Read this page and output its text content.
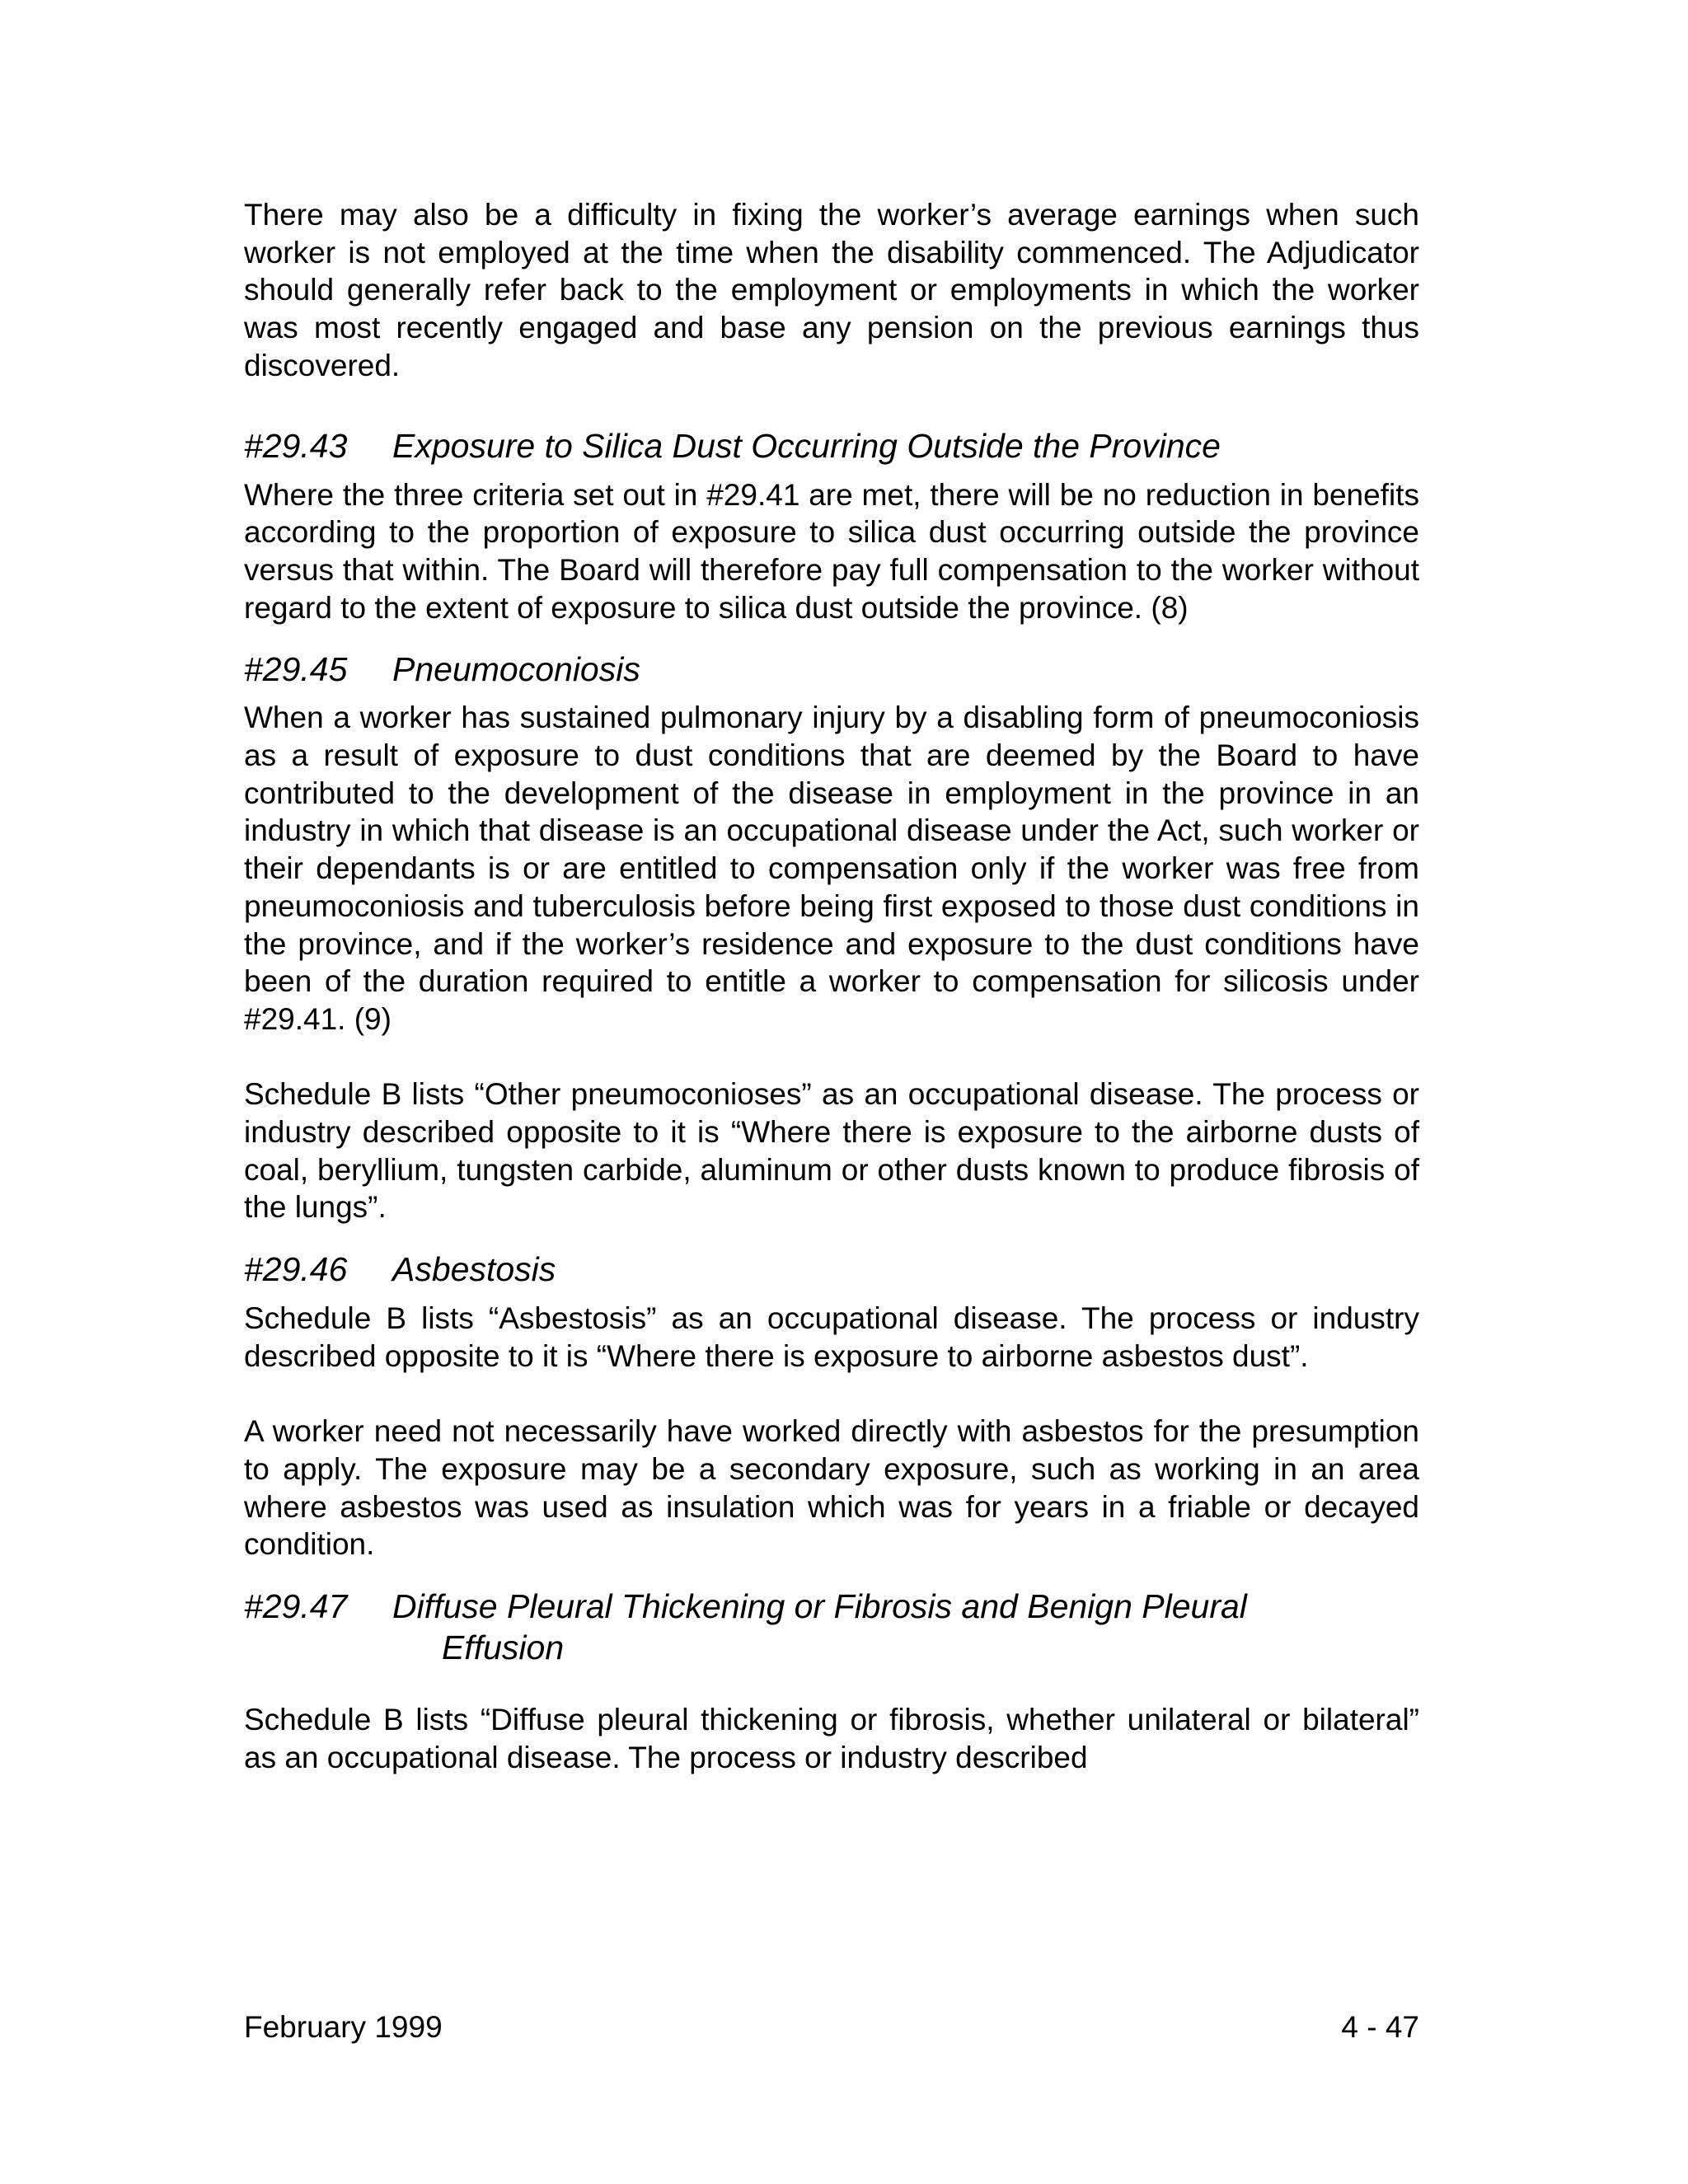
There may also be a difficulty in fixing the worker’s average earnings when such worker is not employed at the time when the disability commenced. The Adjudicator should generally refer back to the employment or employments in which the worker was most recently engaged and base any pension on the previous earnings thus discovered.

#29.43	Exposure to Silica Dust Occurring Outside the Province

Where the three criteria set out in #29.41 are met, there will be no reduction in benefits according to the proportion of exposure to silica dust occurring outside the province versus that within. The Board will therefore pay full compensation to the worker without regard to the extent of exposure to silica dust outside the province. (8)

#29.45	Pneumoconiosis

When a worker has sustained pulmonary injury by a disabling form of pneumoconiosis as a result of exposure to dust conditions that are deemed by the Board to have contributed to the development of the disease in employment in the province in an industry in which that disease is an occupational disease under the Act, such worker or their dependants is or are entitled to compensation only if the worker was free from pneumoconiosis and tuberculosis before being first exposed to those dust conditions in the province, and if the worker’s residence and exposure to the dust conditions have been of the duration required to entitle a worker to compensation for silicosis under #29.41. (9)

Schedule B lists “Other pneumoconioses” as an occupational disease. The process or industry described opposite to it is “Where there is exposure to the airborne dusts of coal, beryllium, tungsten carbide, aluminum or other dusts known to produce fibrosis of the lungs”.

#29.46	Asbestosis

Schedule B lists “Asbestosis” as an occupational disease. The process or industry described opposite to it is “Where there is exposure to airborne asbestos dust”.

A worker need not necessarily have worked directly with asbestos for the presumption to apply. The exposure may be a secondary exposure, such as working in an area where asbestos was used as insulation which was for years in a friable or decayed condition.

#29.47	Diffuse Pleural Thickening or Fibrosis and Benign Pleural
Effusion

Schedule B lists “Diffuse pleural thickening or fibrosis, whether unilateral or bilateral” as an occupational disease. The process or industry described

February 1999	4 - 47
